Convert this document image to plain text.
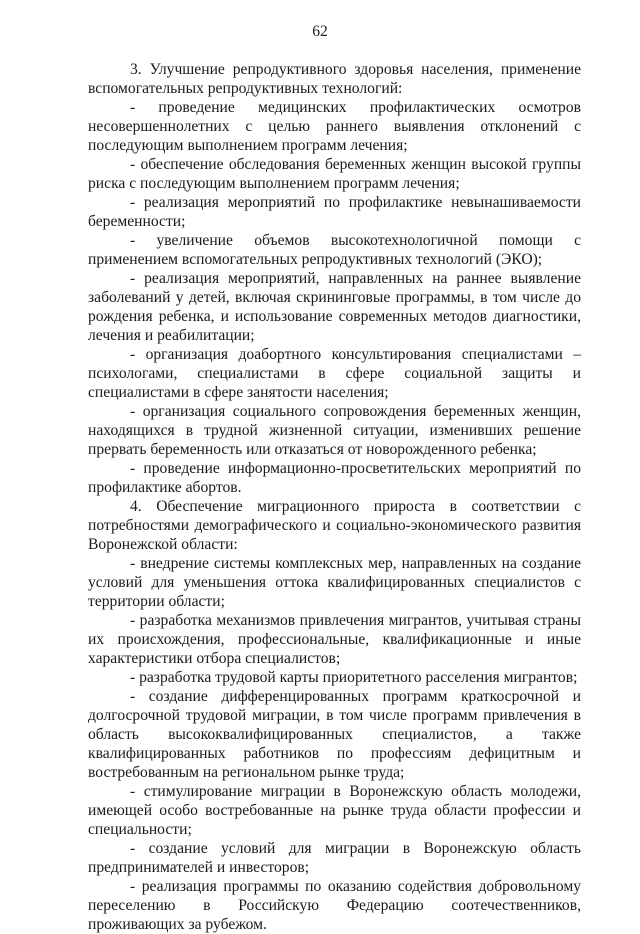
62

3. Улучшение репродуктивного здоровья населения, применение вспомогательных репродуктивных технологий:

- проведение медицинских профилактических осмотров несовершеннолетних с целью раннего выявления отклонений с последующим выполнением программ лечения;

- обеспечение обследования беременных женщин высокой группы риска с последующим выполнением программ лечения;

- реализация мероприятий по профилактике невынашиваемости беременности;

- увеличение объемов высокотехнологичной помощи с применением вспомогательных репродуктивных технологий (ЭКО);

- реализация мероприятий, направленных на раннее выявление заболеваний у детей, включая скрининговые программы, в том числе до рождения ребенка, и использование современных методов диагностики, лечения и реабилитации;

- организация доабортного консультирования специалистами – психологами, специалистами в сфере социальной защиты и специалистами в сфере занятости населения;

- организация социального сопровождения беременных женщин, находящихся в трудной жизненной ситуации, изменивших решение прервать беременность или отказаться от новорожденного ребенка;

- проведение информационно-просветительских мероприятий по профилактике абортов.

4. Обеспечение миграционного прироста в соответствии с потребностями демографического и социально-экономического развития Воронежской области:

- внедрение системы комплексных мер, направленных на создание условий для уменьшения оттока квалифицированных специалистов с территории области;

- разработка механизмов привлечения мигрантов, учитывая страны их происхождения, профессиональные, квалификационные и иные характеристики отбора специалистов;

- разработка трудовой карты приоритетного расселения мигрантов;

- создание дифференцированных программ краткосрочной и долгосрочной трудовой миграции, в том числе программ привлечения в область высококвалифицированных специалистов, а также квалифицированных работников по профессиям дефицитным и востребованным на региональном рынке труда;

- стимулирование миграции в Воронежскую область молодежи, имеющей особо востребованные на рынке труда области профессии и специальности;

- создание условий для миграции в Воронежскую область предпринимателей и инвесторов;

- реализация программы по оказанию содействия добровольному переселению в Российскую Федерацию соотечественников, проживающих за рубежом.
